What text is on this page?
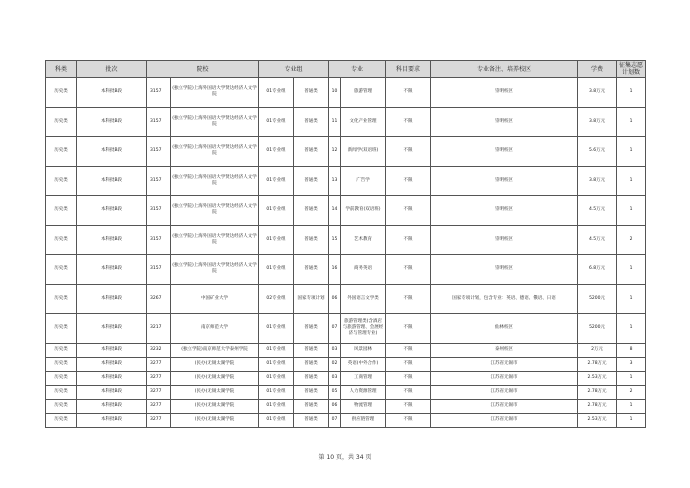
科类	批次	院校		专业组		专业		科目要求	专业备注、培养校区	学费	征集志愿计划数
历史类	本科批B段	3157	(独立学院)上海外国语大学贤达经济人文学院	01专业组	普通类	10	旅游管理	不限	崇明校区	3.8万元	1
历史类	本科批B段	3157	(独立学院)上海外国语大学贤达经济人文学院	01专业组	普通类	11	文化产业管理	不限	崇明校区	3.8万元	1
历史类	本科批B段	3157	(独立学院)上海外国语大学贤达经济人文学院	01专业组	普通类	12	新闻学(双语班)	不限	崇明校区	5.6万元	1
历史类	本科批B段	3157	(独立学院)上海外国语大学贤达经济人文学院	01专业组	普通类	13	广告学	不限	崇明校区	3.8万元	1
历史类	本科批B段	3157	(独立学院)上海外国语大学贤达经济人文学院	01专业组	普通类	14	学前教育(双语班)	不限	崇明校区	4.5万元	1
历史类	本科批B段	3157	(独立学院)上海外国语大学贤达经济人文学院	01专业组	普通类	15	艺术教育	不限	崇明校区	4.5万元	2
历史类	本科批B段	3157	(独立学院)上海外国语大学贤达经济人文学院	01专业组	普通类	16	商务英语	不限	崇明校区	6.8万元	1
历史类	本科批B段	3267	中国矿业大学	02专业组	国家专项计划	06	外国语言文学类	不限	国家专项计划，包含专业：英语、德语、俄语、日语	5200元	1
历史类	本科批B段	3217	南京师范大学	01专业组	普通类	07	旅游管理类(含酒店与旅游管理、会展经济与管理专业)	不限	仙林校区	5200元	1
历史类	本科批B段	3232	(独立学院)南京师范大学泰州学院	01专业组	普通类	03	风景园林	不限	泰州校区	2万元	8
历史类	本科批B段	3277	(民办)无锡太湖学院	01专业组	普通类	02	英语(中外合作)	不限	江苏省无锡市	2.78万元	3
历史类	本科批B段	3277	(民办)无锡太湖学院	01专业组	普通类	03	工商管理	不限	江苏省无锡市	2.53万元	1
历史类	本科批B段	3277	(民办)无锡太湖学院	01专业组	普通类	05	人力资源管理	不限	江苏省无锡市	2.78万元	2
历史类	本科批B段	3277	(民办)无锡太湖学院	01专业组	普通类	06	物流管理	不限	江苏省无锡市	2.78万元	1
历史类	本科批B段	3277	(民办)无锡太湖学院	01专业组	普通类	07	供应链管理	不限	江苏省无锡市	2.53万元	1
第 10 页，共 34 页
